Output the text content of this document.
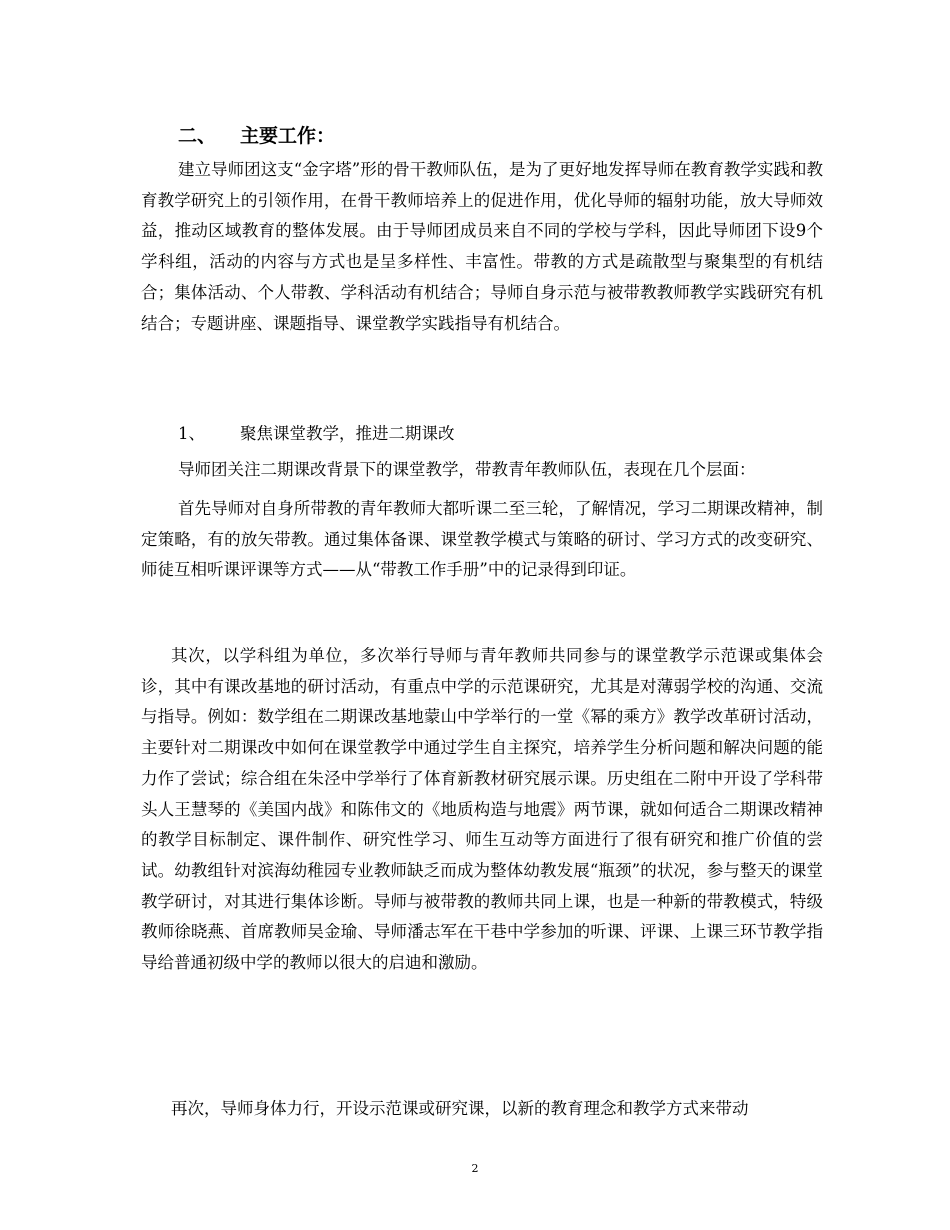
二、 主要工作：

建立导师团这支“金字塔”形的骨干教师队伍，是为了更好地发挥导师在教育教学实践和教育教学研究上的引领作用，在骨干教师培养上的促进作用，优化导师的辐射功能，放大导师效益，推动区域教育的整体发展。由于导师团成员来自不同的学校与学科，因此导师团下设9个学科组，活动的内容与方式也是呈多样性、丰富性。带教的方式是疏散型与聚集型的有机结合；集体活动、个人带教、学科活动有机结合；导师自身示范与被带教教师教学实践研究有机结合；专题讲座、课题指导、课堂教学实践指导有机结合。

1、 聚焦课堂教学，推进二期课改

导师团关注二期课改背景下的课堂教学，带教青年教师队伍，表现在几个层面：

首先导师对自身所带教的青年教师大都听课二至三轮，了解情况，学习二期课改精神，制定策略，有的放矢带教。通过集体备课、课堂教学模式与策略的研讨、学习方式的改变研究、师徒互相听课评课等方式——从“带教工作手册”中的记录得到印证。

其次，以学科组为单位，多次举行导师与青年教师共同参与的课堂教学示范课或集体会诊，其中有课改基地的研讨活动，有重点中学的示范课研究，尤其是对薄弱学校的沟通、交流与指导。例如：数学组在二期课改基地蒙山中学举行的一堂《幂的乘方》教学改革研讨活动，主要针对二期课改中如何在课堂教学中通过学生自主探究，培养学生分析问题和解决问题的能力作了尝试；综合组在朱泾中学举行了体育新教材研究展示课。历史组在二附中开设了学科带头人王慧琴的《美国内战》和陈伟文的《地质构造与地震》两节课，就如何适合二期课改精神的教学目标制定、课件制作、研究性学习、师生互动等方面进行了很有研究和推广价值的尝试。幼教组针对滨海幼稚园专业教师缺乏而成为整体幼教发展“瓶颈”的状况，参与整天的课堂教学研讨，对其进行集体诊断。导师与被带教的教师共同上课，也是一种新的带教模式，特级教师徐晓燕、首席教师吴金瑜、导师潘志军在干巷中学参加的听课、评课、上课三环节教学指导给普通初级中学的教师以很大的启迪和激励。

再次，导师身体力行，开设示范课或研究课，以新的教育理念和教学方式来带动

2
